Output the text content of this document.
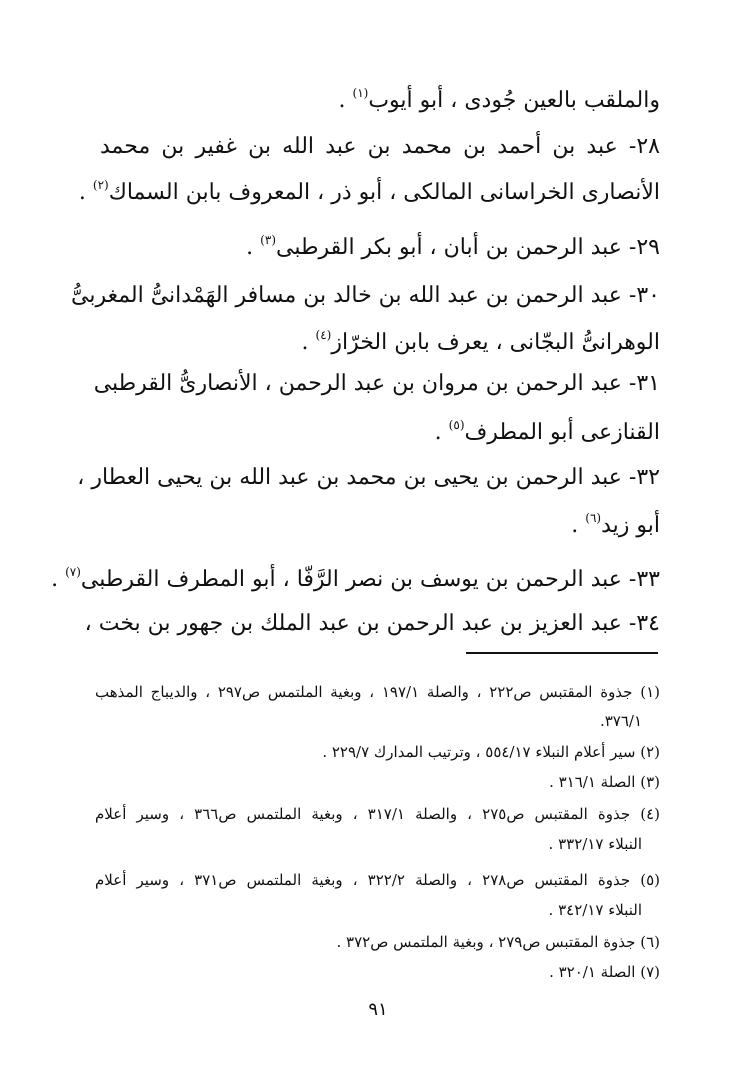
والملقب بالعين جُودى ، أبو أيوب$^{(١)}$ .
٢٨- عبد بن أحمد بن محمد بن عبد الله بن غفير بن محمد
الأنصارى الخراسانى المالكى ، أبو ذر ، المعروف بابن السماك$^{(٢)}$ .
٢٩- عبد الرحمن بن أبان ، أبو بكر القرطبى$^{(٣)}$ .
٣٠- عبد الرحمن بن عبد الله بن خالد بن مسافر الهَمْدانىُّ المغربىُّ
الوهرانىُّ البجّانى ، يعرف بابن الخرّاز$^{(٤)}$ .
٣١- عبد الرحمن بن مروان بن عبد الرحمن ، الأنصارىُّ القرطبى
القنازعى أبو المطرف$^{(٥)}$ .
٣٢- عبد الرحمن بن يحيى بن محمد بن عبد الله بن يحيى العطار ،
أبو زيد$^{(٦)}$ .
٣٣- عبد الرحمن بن يوسف بن نصر الرَّفّا ، أبو المطرف القرطبى$^{(٧)}$ .
٣٤- عبد العزيز بن عبد الرحمن بن عبد الملك بن جهور بن بخت ،
(١) جذوة المقتبس ص٢٢٢ ، والصلة ١٩٧/١ ، وبغية الملتمس ص٢٩٧ ، والديباج المذهب
٣٧٦/١.
(٢) سير أعلام النبلاء ٥٥٤/١٧ ، وترتيب المدارك ٢٢٩/٧ .
(٣) الصلة ٣١٦/١ .
(٤) جذوة المقتبس ص٢٧٥ ، والصلة ٣١٧/١ ، وبغية الملتمس ص٣٦٦ ، وسير أعلام
النبلاء ٣٣٢/١٧ .
(٥) جذوة المقتبس ص٢٧٨ ، والصلة ٣٢٢/٢ ، وبغية الملتمس ص٣٧١ ، وسير أعلام
النبلاء ٣٤٢/١٧ .
(٦) جذوة المقتبس ص٢٧٩ ، وبغية الملتمس ص٣٧٢ .
(٧) الصلة ٣٢٠/١ .
٩١
